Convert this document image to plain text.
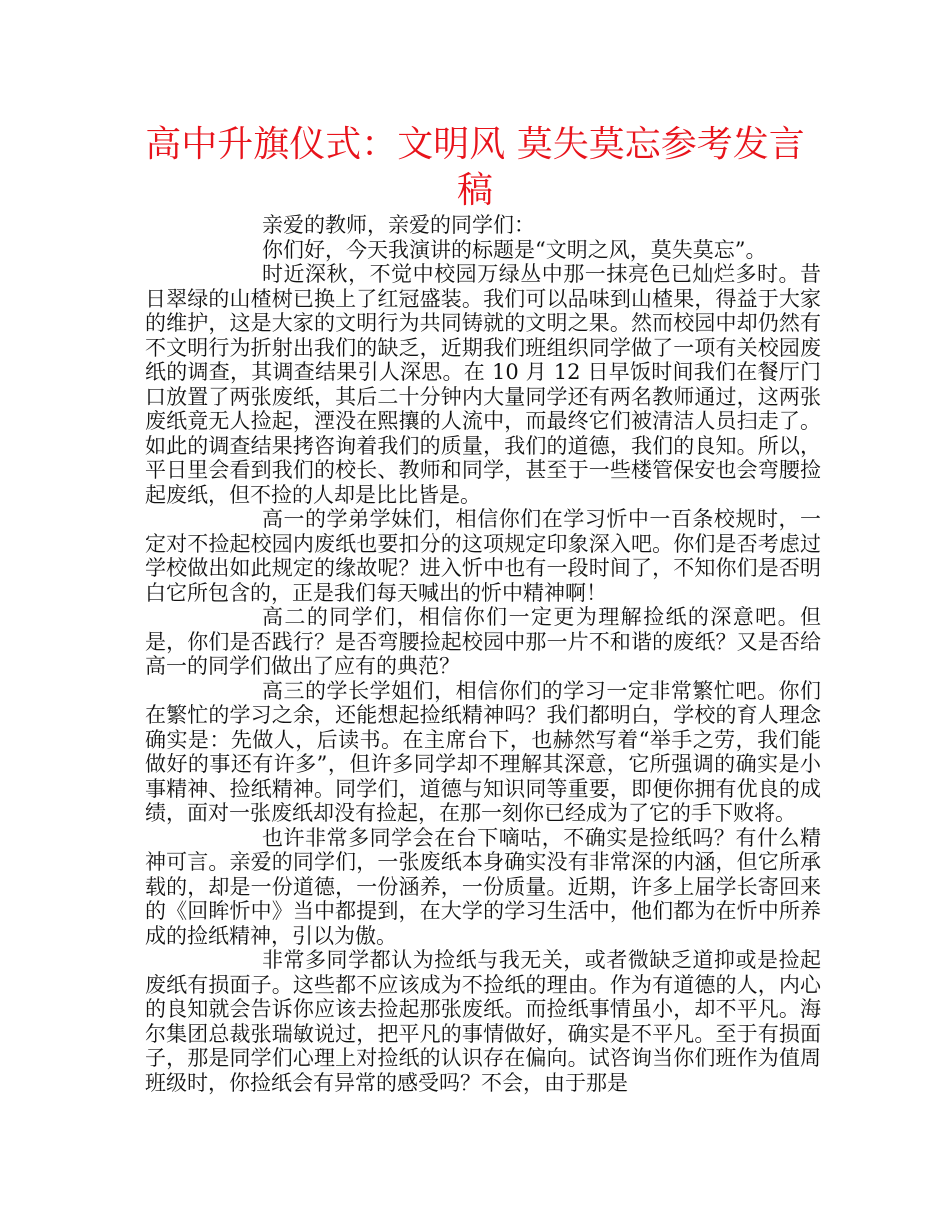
高中升旗仪式：文明风 莫失莫忘参考发言
稿

亲爱的教师，亲爱的同学们：

你们好，今天我演讲的标题是“文明之风，莫失莫忘”。

时近深秋，不觉中校园万绿丛中那一抹亮色已灿烂多时。昔日翠绿的山楂树已换上了红冠盛装。我们可以品味到山楂果，得益于大家的维护，这是大家的文明行为共同铸就的文明之果。然而校园中却仍然有不文明行为折射出我们的缺乏，近期我们班组织同学做了一项有关校园废纸的调查，其调查结果引人深思。在 10 月 12 日早饭时间我们在餐厅门口放置了两张废纸，其后二十分钟内大量同学还有两名教师通过，这两张废纸竟无人捡起，湮没在熙攘的人流中，而最终它们被清洁人员扫走了。如此的调查结果拷咨询着我们的质量，我们的道德，我们的良知。所以，平日里会看到我们的校长、教师和同学，甚至于一些楼管保安也会弯腰捡起废纸，但不捡的人却是比比皆是。

高一的学弟学妹们，相信你们在学习忻中一百条校规时，一定对不捡起校园内废纸也要扣分的这项规定印象深入吧。你们是否考虑过学校做出如此规定的缘故呢？进入忻中也有一段时间了，不知你们是否明白它所包含的，正是我们每天喊出的忻中精神啊！

高二的同学们，相信你们一定更为理解捡纸的深意吧。但是，你们是否践行？是否弯腰捡起校园中那一片不和谐的废纸？又是否给高一的同学们做出了应有的典范？

高三的学长学姐们，相信你们的学习一定非常繁忙吧。你们在繁忙的学习之余，还能想起捡纸精神吗？我们都明白，学校的育人理念确实是：先做人，后读书。在主席台下，也赫然写着“举手之劳，我们能做好的事还有许多”，但许多同学却不理解其深意，它所强调的确实是小事精神、捡纸精神。同学们，道德与知识同等重要，即便你拥有优良的成绩，面对一张废纸却没有捡起，在那一刻你已经成为了它的手下败将。

也许非常多同学会在台下嘀咕，不确实是捡纸吗？有什么精神可言。亲爱的同学们，一张废纸本身确实没有非常深的内涵，但它所承载的，却是一份道德，一份涵养，一份质量。近期，许多上届学长寄回来的《回眸忻中》当中都提到，在大学的学习生活中，他们都为在忻中所养成的捡纸精神，引以为傲。

非常多同学都认为捡纸与我无关，或者微缺乏道抑或是捡起废纸有损面子。这些都不应该成为不捡纸的理由。作为有道德的人，内心的良知就会告诉你应该去捡起那张废纸。而捡纸事情虽小，却不平凡。海尔集团总裁张瑞敏说过，把平凡的事情做好，确实是不平凡。至于有损面子，那是同学们心理上对捡纸的认识存在偏向。试咨询当你们班作为值周班级时，你捡纸会有异常的感受吗？不会，由于那是
